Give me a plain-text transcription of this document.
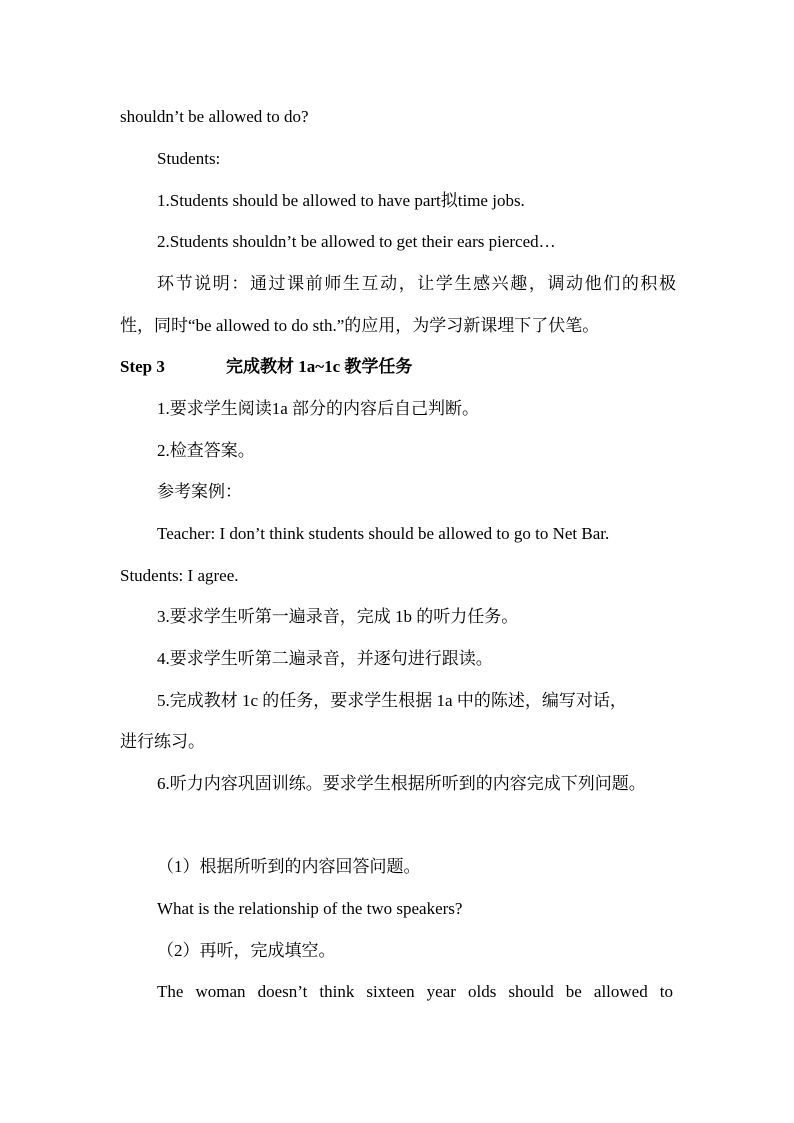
shouldn’t be allowed to do?
Students:
1.Students should be allowed to have part拟time jobs.
2.Students shouldn’t be allowed to get their ears pierced…
环节说明：通过课前师生互动，让学生感兴趣，调动他们的积极
性，同时“be allowed to do sth.”的应用，为学习新课埋下了伏笔。
Step 3	完成教材 1a~1c 教学任务
1.要求学生阅读1a 部分的内容后自己判断。
2.检查答案。
参考案例：
Teacher: I don’t think students should be allowed to go to Net Bar.
Students: I agree.
3.要求学生听第一遍录音，完成 1b 的听力任务。
4.要求学生听第二遍录音，并逐句进行跟读。
5.完成教材 1c 的任务，要求学生根据 1a 中的陈述，编写对话，
进行练习。
6.听力内容巩固训练。要求学生根据所听到的内容完成下列问题。
（1）根据所听到的内容回答问题。
What is the relationship of the two speakers?
（2）再听，完成填空。
The woman doesn’t think sixteen year olds should be allowed to
